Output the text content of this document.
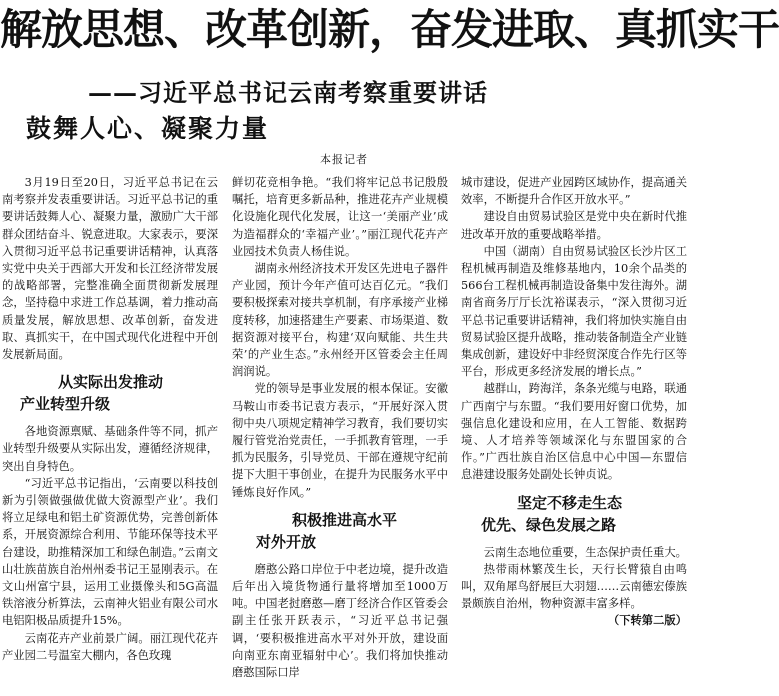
解放思想、改革创新，奋发进取、真抓实干
——习近平总书记云南考察重要讲话
鼓舞人心、凝聚力量
本报记者

3月19日至20日，习近平总书记在云南考察并发表重要讲话。习近平总书记的重要讲话鼓舞人心、凝聚力量，激励广大干部群众团结奋斗、锐意进取。大家表示，要深入贯彻习近平总书记重要讲话精神，认真落实党中央关于西部大开发和长江经济带发展的战略部署，完整准确全面贯彻新发展理念，坚持稳中求进工作总基调，着力推动高质量发展，解放思想、改革创新，奋发进取、真抓实干，在中国式现代化进程中开创发展新局面。

从实际出发推动
产业转型升级

各地资源禀赋、基础条件等不同，抓产业转型升级要从实际出发，遵循经济规律，突出自身特色。

“习近平总书记指出，‘云南要以科技创新为引领做强做优做大资源型产业’。我们将立足绿电和铝土矿资源优势，完善创新体系，开展资源综合利用、节能环保等技术平台建设，助推精深加工和绿色制造。”云南文山壮族苗族自治州州委书记王显刚表示。在文山州富宁县，运用工业摄像头和5G高温铁溶液分析算法，云南神火铝业有限公司水电铝阳极品质提升15%。

云南花卉产业前景广阔。丽江现代花卉产业园二号温室大棚内，各色玫瑰

鲜切花竞相争艳。“我们将牢记总书记殷殷嘱托，培育更多新品种，推进花卉产业规模化设施化现代化发展，让这一‘美丽产业’成为造福群众的‘幸福产业’。”丽江现代花卉产业园技术负责人杨佳说。

湖南永州经济技术开发区先进电子器件产业园，预计今年产值可达百亿元。“我们要积极探索对接共享机制，有序承接产业梯度转移，加速搭建生产要素、市场渠道、数据资源对接平台，构建‘双向赋能、共生共荣’的产业生态。”永州经开区管委会主任周润润说。

党的领导是事业发展的根本保证。安徽马鞍山市委书记袁方表示，“开展好深入贯彻中央八项规定精神学习教育，我们要切实履行管党治党责任，一手抓教育管理，一手抓为民服务，引导党员、干部在遵规守纪前提下大胆干事创业，在提升为民服务水平中锤炼良好作风。”

积极推进高水平
对外开放

磨憨公路口岸位于中老边境，提升改造后年出入境货物通行量将增加至1000万吨。中国老挝磨憨—磨丁经济合作区管委会副主任张开跃表示，“习近平总书记强调，‘要积极推进高水平对外开放，建设面向南亚东南亚辐射中心’。我们将加快推动磨憨国际口岸

城市建设，促进产业园跨区域协作，提高通关效率，不断提升合作区开放水平。”

建设自由贸易试验区是党中央在新时代推进改革开放的重要战略举措。

中国（湖南）自由贸易试验区长沙片区工程机械再制造及维修基地内，10余个品类的566台工程机械再制造设备集中发往海外。湖南省商务厅厅长沈裕谋表示，“深入贯彻习近平总书记重要讲话精神，我们将加快实施自由贸易试验区提升战略，推动装备制造全产业链集成创新，建设好中非经贸深度合作先行区等平台，形成更多经济发展的增长点。”

越群山，跨海洋，条条光缆与电路，联通广西南宁与东盟。“我们要用好窗口优势，加强信息化建设和应用，在人工智能、数据跨境、人才培养等领域深化与东盟国家的合作。”广西壮族自治区信息中心中国—东盟信息港建设服务处副处长钟贞说。

坚定不移走生态
优先、绿色发展之路

云南生态地位重要，生态保护责任重大。

热带雨林繁茂生长，天行长臂猿自由鸣叫，双角犀鸟舒展巨大羽翅……云南德宏傣族景颇族自治州，物种资源丰富多样。

（下转第二版）
